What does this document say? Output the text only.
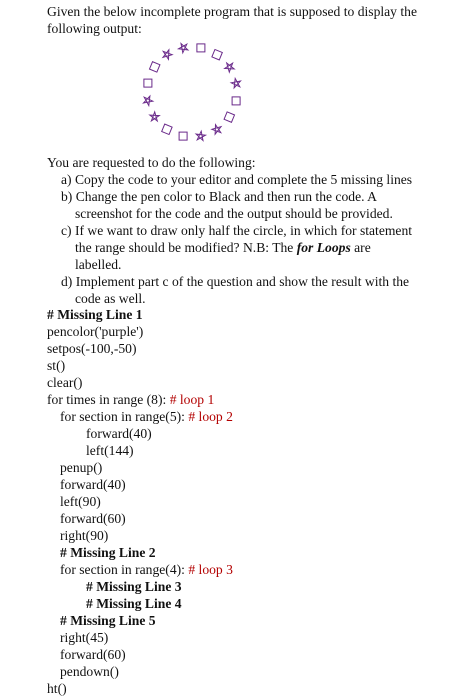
Given the below incomplete program that is supposed to display the
following output:
You are requested to do the following:
a) Copy the code to your editor and complete the 5 missing lines
b) Change the pen color to Black and then run the code. A
screenshot for the code and the output should be provided.
c) If we want to draw only half the circle, in which for statement
the range should be modified? N.B: The for Loops are
labelled.
d) Implement part c of the question and show the result with the
code as well.
# Missing Line 1
pencolor('purple')
setpos(-100,-50)
st()
clear()
for times in range (8): # loop 1
for section in range(5): # loop 2
forward(40)
left(144)
penup()
forward(40)
left(90)
forward(60)
right(90)
# Missing Line 2
for section in range(4): # loop 3
# Missing Line 3
# Missing Line 4
# Missing Line 5
right(45)
forward(60)
pendown()
ht()
